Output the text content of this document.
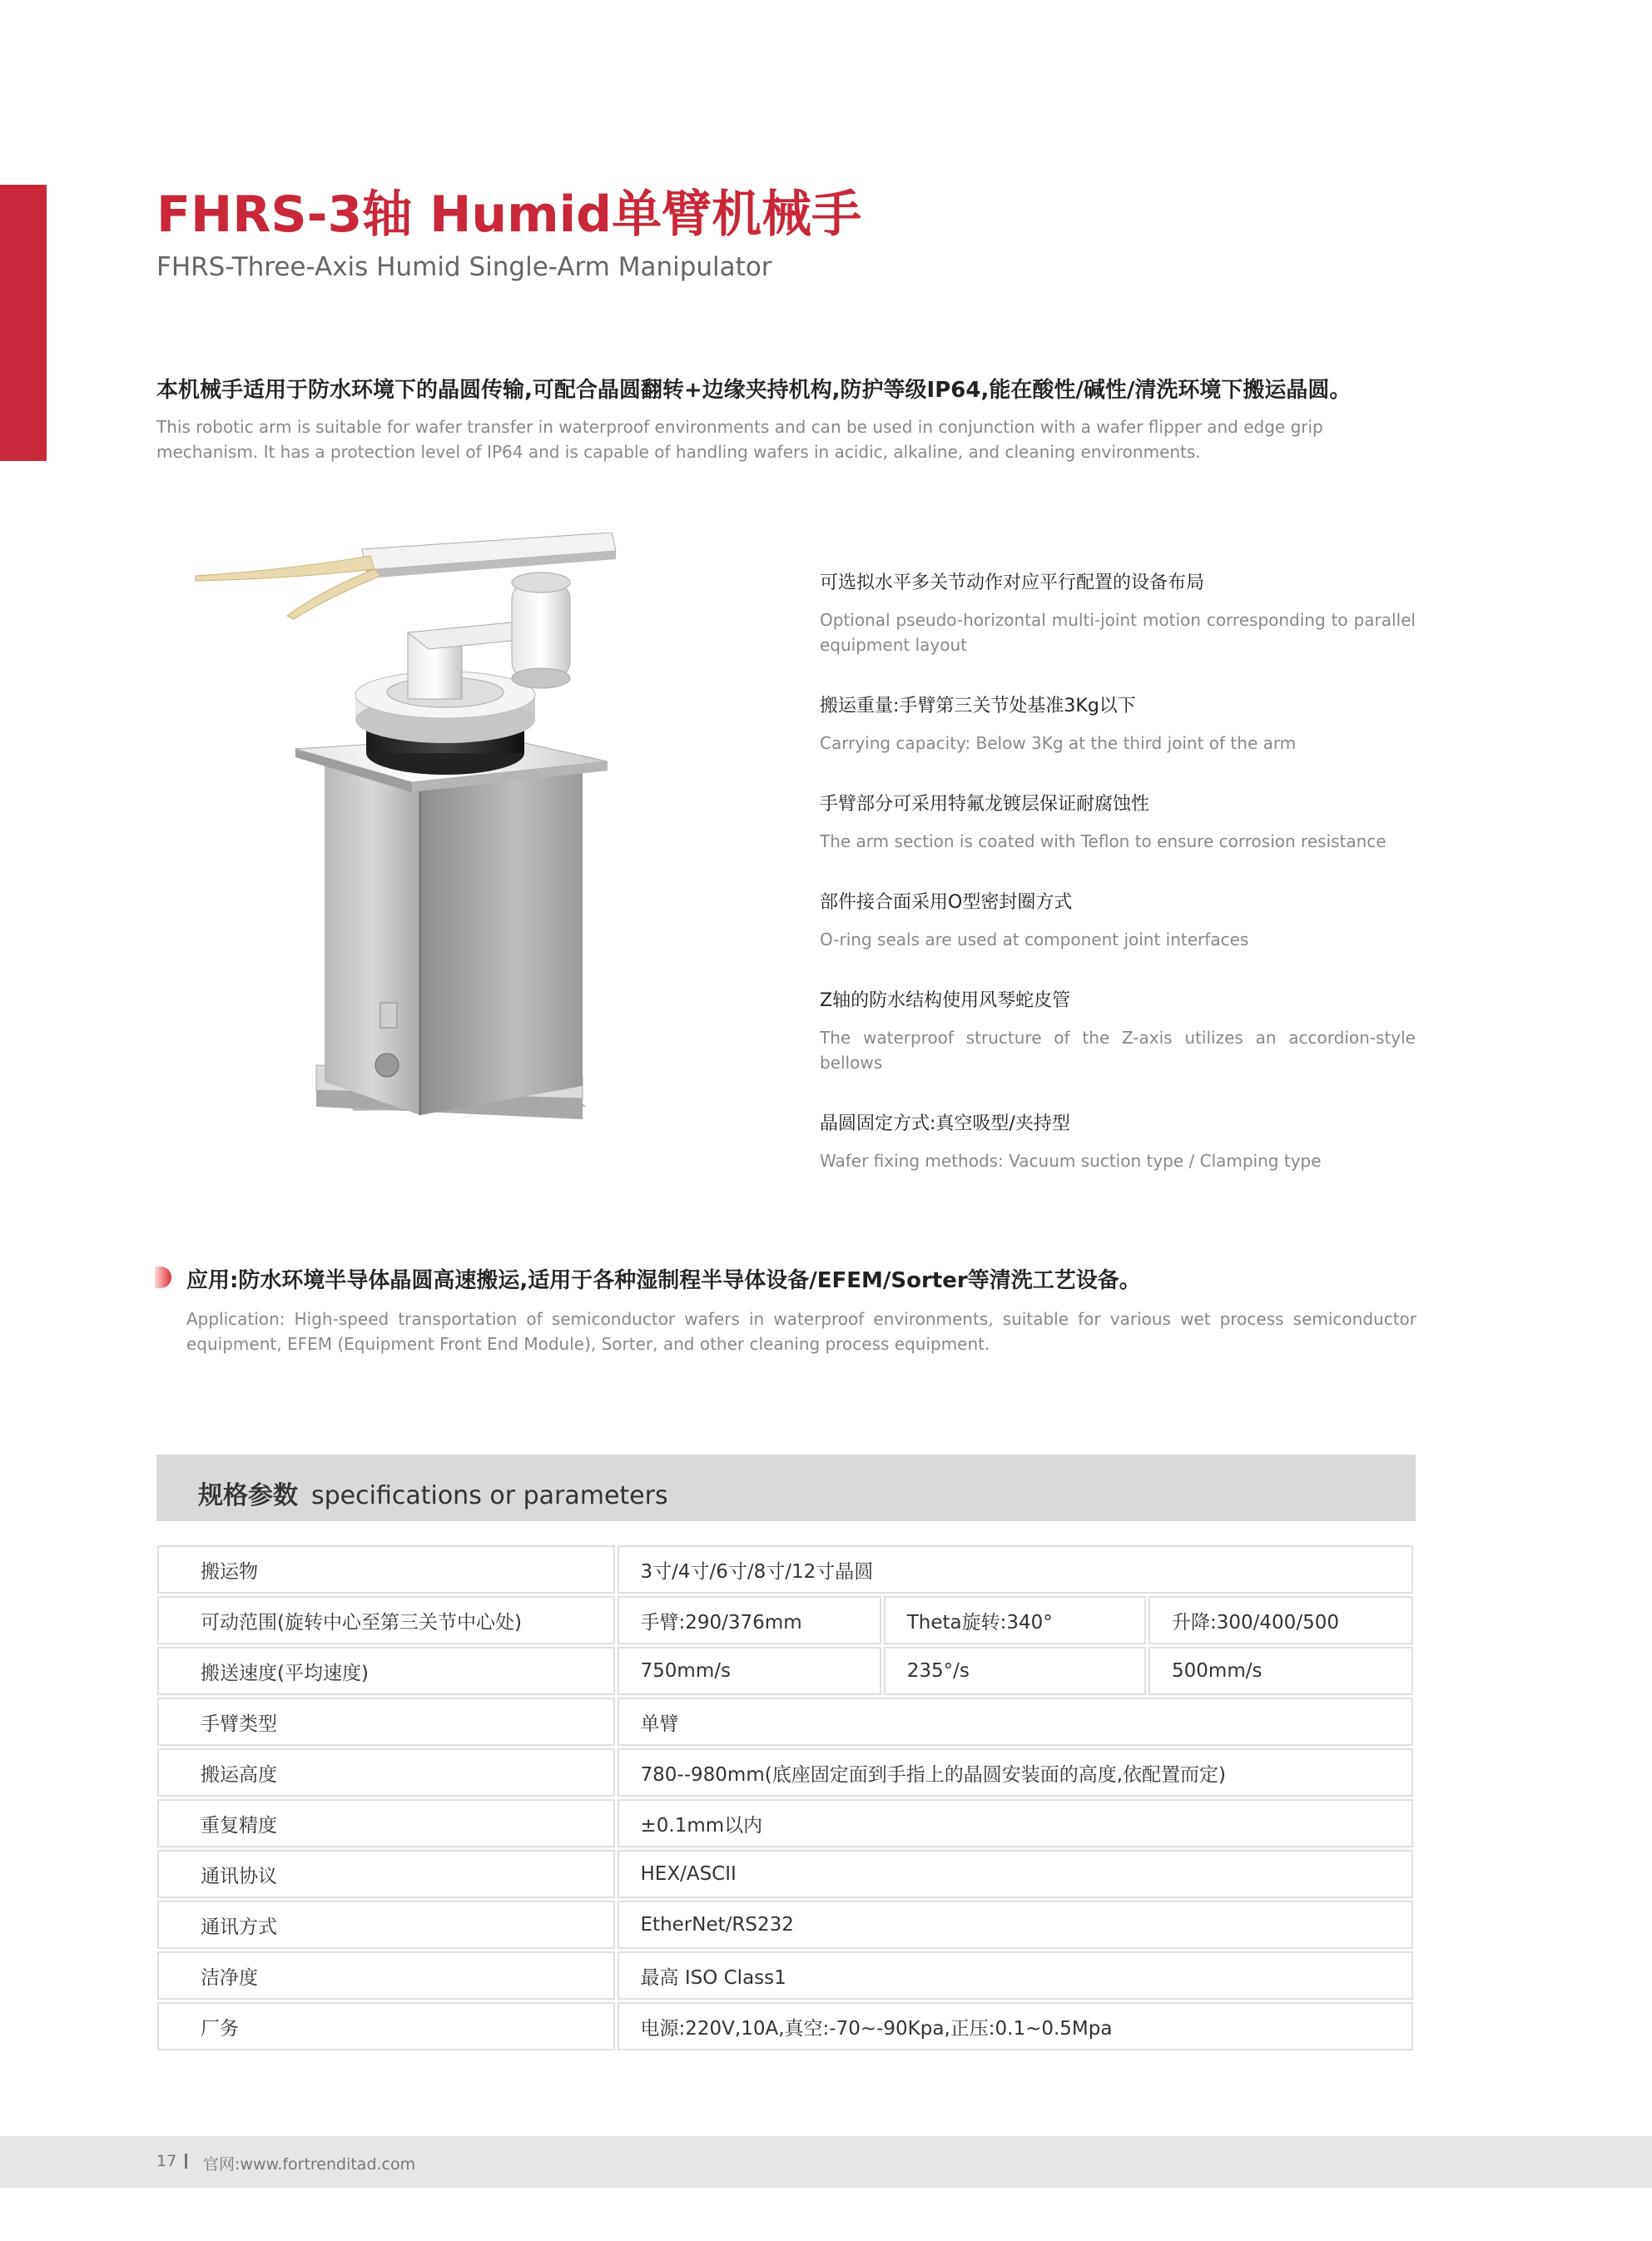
FHRS-3轴 Humid单臂机械手

FHRS-Three-Axis Humid Single-Arm Manipulator

本机械手适用于防水环境下的晶圆传输,可配合晶圆翻转+边缘夹持机构,防护等级IP64,能在酸性/碱性/清洗环境下搬运晶圆。

This robotic arm is suitable for wafer transfer in waterproof environments and can be used in conjunction with a wafer flipper and edge grip mechanism. It has a protection level of IP64 and is capable of handling wafers in acidic, alkaline, and cleaning environments.

可选拟水平多关节动作对应平行配置的设备布局

Optional pseudo-horizontal multi-joint motion corresponding to parallel equipment layout

搬运重量:手臂第三关节处基准3Kg以下

Carrying capacity: Below 3Kg at the third joint of the arm

手臂部分可采用特氟龙镀层保证耐腐蚀性

The arm section is coated with Teflon to ensure corrosion resistance

部件接合面采用O型密封圈方式

O-ring seals are used at component joint interfaces

Z轴的防水结构使用风琴蛇皮管

The waterproof structure of the Z-axis utilizes an accordion-style bellows

晶圆固定方式:真空吸型/夹持型

Wafer fixing methods: Vacuum suction type / Clamping type

应用:防水环境半导体晶圆高速搬运,适用于各种湿制程半导体设备/EFEM/Sorter等清洗工艺设备。

Application: High-speed transportation of semiconductor wafers in waterproof environments, suitable for various wet process semiconductor equipment, EFEM (Equipment Front End Module), Sorter, and other cleaning process equipment.

规格参数 specifications or parameters
搬运物	3寸/4寸/6寸/8寸/12寸晶圆		
可动范围(旋转中心至第三关节中心处)	手臂:290/376mm	Theta旋转:340°	升降:300/400/500
搬送速度(平均速度)	750mm/s	235°/s	500mm/s
手臂类型	单臂		
搬运高度	780--980mm(底座固定面到手指上的晶圆安装面的高度,依配置而定)		
重复精度	±0.1mm以内		
通讯协议	HEX/ASCII		
通讯方式	EtherNet/RS232		
洁净度	最高 ISO Class1		
厂务	电源:220V,10A,真空:-70~-90Kpa,正压:0.1~0.5Mpa		
17 官网:www.fortrenditad.com
